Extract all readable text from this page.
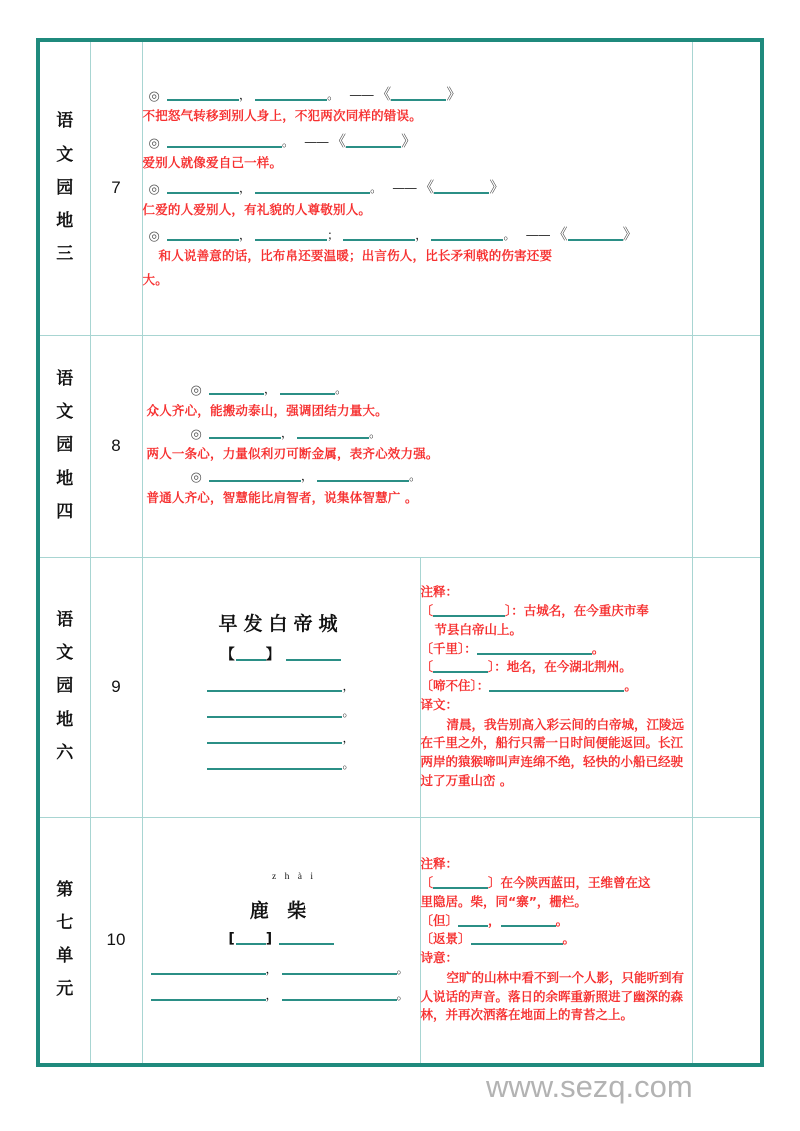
语
文
园
地
三
	7	
◎	，	。 —— 《	》
不把怒气转移到别人身上，不犯两次同样的错误。
◎	。 —— 《	》
爱别人就像爱自己一样。
◎	，	。 —— 《	》
仁爱的人爱别人，有礼貌的人尊敬别人。
◎	，	；	，	。 —— 《	》
和人说善意的话，比布帛还要温暖；出言伤人，比长矛利戟的伤害还要
大。

语
文
园
地
四
	8	
◎	，	。
众人齐心，能搬动泰山，强调团结力量大。
◎	，	。
两人一条心，力量似利刃可断金属，表齐心效力强。
◎	，	。
普通人齐心，智慧能比肩智者，说集体智慧广 。

语
文
园
地
六
	9	
早发白帝城
【 】
，
。
，
。

注释：
〔	〕：古城名，在今重庆市奉
节县白帝山上。
〔千里〕：	。
〔	〕：地名，在今湖北荆州。
〔啼不住〕：	。
译文：
清晨，我告别高入彩云间的白帝城，江陵远在千里之外，船行只需一日时间便能返回。长江两岸的猿猴啼叫声连绵不绝，轻快的小船已经驶过了万重山峦 。

第
七
单
元
	10	
z h à i
鹿 柴
[ ]
，	。
，	。

注释：
〔	〕在今陕西蓝田，王维曾在这
里隐居。柴，同“寨”，栅栏。
〔但〕 ，	。
〔返景〕	。
诗意：
空旷的山林中看不到一个人影，只能听到有人说话的声音。落日的余晖重新照进了幽深的森林，并再次洒落在地面上的青苔之上。

www.sezq.com
